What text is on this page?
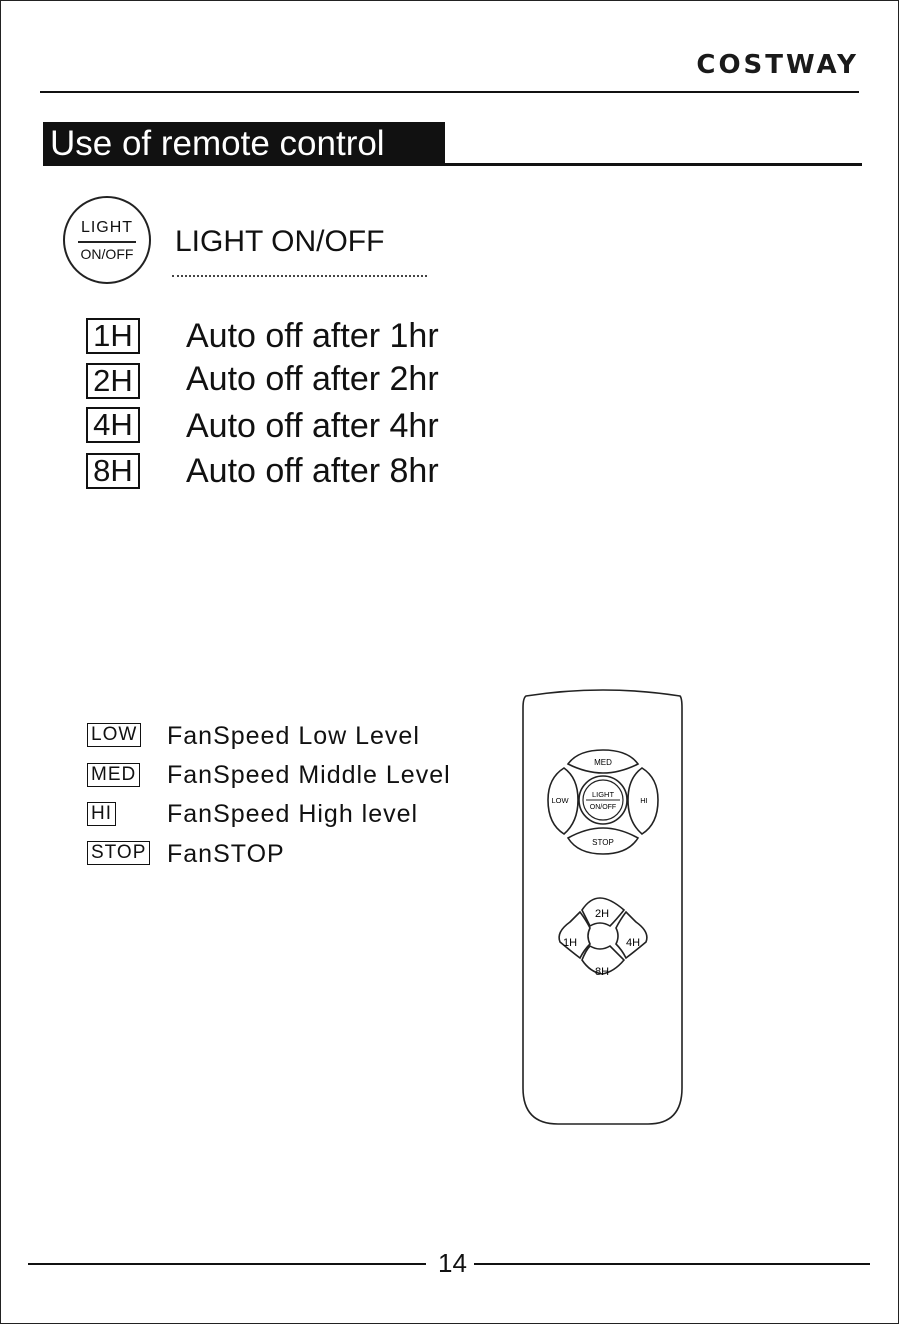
COSTWAY
Use of remote control
LIGHT
ON/OFF LIGHT ON/OFF
1H Auto off after 1hr
2H Auto off after 2hr
4H Auto off after 4hr
8H Auto off after 8hr
LOW FanSpeed Low Level
MED FanSpeed Middle Level
HI FanSpeed High level
STOP FanSTOP
MED
LOW	HI
STOP
LIGHT
ON/OFF
2H
1H	4H
8H
14
